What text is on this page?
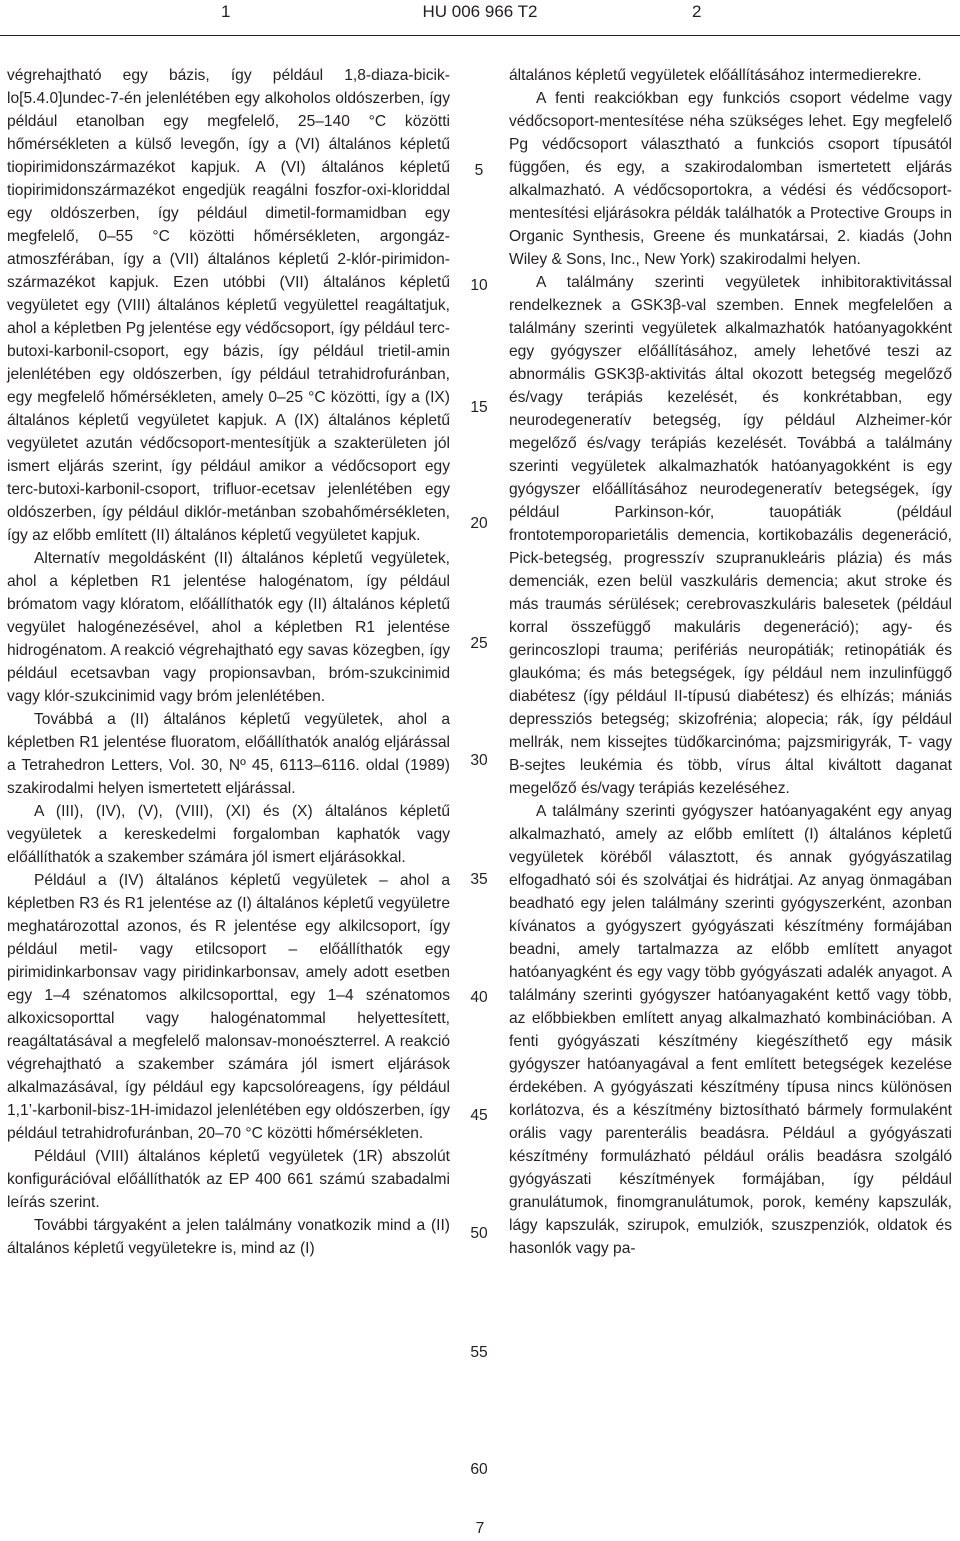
1	HU 006 966 T2	2

végrehajtható egy bázis, így például 1,8-diaza-bicik-lo[5.4.0]undec-7-én jelenlétében egy alkoholos oldószerben, így például etanolban egy megfelelő, 25–140 °C közötti hőmérsékleten a külső levegőn, így a (VI) általános képletű tiopirimidonszármazékot kapjuk. A (VI) általános képletű tiopirimidonszármazékot engedjük reagálni foszfor-oxi-kloriddal egy oldószerben, így például dimetil-formamidban egy megfelelő, 0–55 °C közötti hőmérsékleten, argongáz-atmoszférában, így a (VII) általános képletű 2-klór-pirimidon-származékot kapjuk. Ezen utóbbi (VII) általános képletű vegyületet egy (VIII) általános képletű vegyülettel reagáltatjuk, ahol a képletben Pg jelentése egy védőcsoport, így például terc-butoxi-karbonil-csoport, egy bázis, így például trietil-amin jelenlétében egy oldószerben, így például tetrahidrofuránban, egy megfelelő hőmérsékleten, amely 0–25 °C közötti, így a (IX) általános képletű vegyületet kapjuk. A (IX) általános képletű vegyületet azután védőcsoport-mentesítjük a szakterületen jól ismert eljárás szerint, így például amikor a védőcsoport egy terc-butoxi-karbonil-csoport, trifluor-ecetsav jelenlétében egy oldószerben, így például diklór-metánban szobahőmérsékleten, így az előbb említett (II) általános képletű vegyületet kapjuk.

Alternatív megoldásként (II) általános képletű vegyületek, ahol a képletben R1 jelentése halogénatom, így például brómatom vagy klóratom, előállíthatók egy (II) általános képletű vegyület halogénezésével, ahol a képletben R1 jelentése hidrogénatom. A reakció végrehajtható egy savas közegben, így például ecetsavban vagy propionsavban, bróm-szukcinimid vagy klór-szukcinimid vagy bróm jelenlétében.

Továbbá a (II) általános képletű vegyületek, ahol a képletben R1 jelentése fluoratom, előállíthatók analóg eljárással a Tetrahedron Letters, Vol. 30, Nº 45, 6113–6116. oldal (1989) szakirodalmi helyen ismertetett eljárással.

A (III), (IV), (V), (VIII), (XI) és (X) általános képletű vegyületek a kereskedelmi forgalomban kaphatók vagy előállíthatók a szakember számára jól ismert eljárásokkal.

Például a (IV) általános képletű vegyületek – ahol a képletben R3 és R1 jelentése az (I) általános képletű vegyületre meghatározottal azonos, és R jelentése egy alkilcsoport, így például metil- vagy etilcsoport – előállíthatók egy pirimidinkarbonsav vagy piridinkarbonsav, amely adott esetben egy 1–4 szénatomos alkilcsoporttal, egy 1–4 szénatomos alkoxicsoporttal vagy halogénatommal helyettesített, reagáltatásával a megfelelő malonsav-monoészterrel. A reakció végrehajtható a szakember számára jól ismert eljárások alkalmazásával, így például egy kapcsolóreagens, így például 1,1’-karbonil-bisz-1H-imidazol jelenlétében egy oldószerben, így például tetrahidrofuránban, 20–70 °C közötti hőmérsékleten.

Például (VIII) általános képletű vegyületek (1R) abszolút konfigurációval előállíthatók az EP 400 661 számú szabadalmi leírás szerint.

További tárgyaként a jelen találmány vonatkozik mind a (II) általános képletű vegyületekre is, mind az (I)

általános képletű vegyületek előállításához intermedierekre.

A fenti reakciókban egy funkciós csoport védelme vagy védőcsoport-mentesítése néha szükséges lehet. Egy megfelelő Pg védőcsoport választható a funkciós csoport típusától függően, és egy, a szakirodalomban ismertetett eljárás alkalmazható. A védőcsoportokra, a védési és védőcsoport-mentesítési eljárásokra példák találhatók a Protective Groups in Organic Synthesis, Greene és munkatársai, 2. kiadás (John Wiley & Sons, Inc., New York) szakirodalmi helyen.

A találmány szerinti vegyületek inhibitoraktivitással rendelkeznek a GSK3β-val szemben. Ennek megfelelően a találmány szerinti vegyületek alkalmazhatók hatóanyagokként egy gyógyszer előállításához, amely lehetővé teszi az abnormális GSK3β-aktivitás által okozott betegség megelőző és/vagy terápiás kezelését, és konkrétabban, egy neurodegeneratív betegség, így például Alzheimer-kór megelőző és/vagy terápiás kezelését. Továbbá a találmány szerinti vegyületek alkalmazhatók hatóanyagokként is egy gyógyszer előállításához neurodegeneratív betegségek, így például Parkinson-kór, tauopátiák (például frontotemporoparietális demencia, kortikobazális degeneráció, Pick-betegség, progresszív szupranukleáris plázia) és más demenciák, ezen belül vaszkuláris demencia; akut stroke és más traumás sérülések; cerebrovaszkuláris balesetek (például korral összefüggő makuláris degeneráció); agy- és gerincoszlopi trauma; perifériás neuropátiák; retinopátiák és glaukóma; és más betegségek, így például nem inzulinfüggő diabétesz (így például II-típusú diabétesz) és elhízás; mániás depressziós betegség; skizofrénia; alopecia; rák, így például mellrák, nem kissejtes tüdőkarcinóma; pajzsmirigyrák, T- vagy B-sejtes leukémia és több, vírus által kiváltott daganat megelőző és/vagy terápiás kezeléséhez.

A találmány szerinti gyógyszer hatóanyagaként egy anyag alkalmazható, amely az előbb említett (I) általános képletű vegyületek köréből választott, és annak gyógyászatilag elfogadható sói és szolvátjai és hidrátjai. Az anyag önmagában beadható egy jelen találmány szerinti gyógyszerként, azonban kívánatos a gyógyszert gyógyászati készítmény formájában beadni, amely tartalmazza az előbb említett anyagot hatóanyagként és egy vagy több gyógyászati adalék anyagot. A találmány szerinti gyógyszer hatóanyagaként kettő vagy több, az előbbiekben említett anyag alkalmazható kombinációban. A fenti gyógyászati készítmény kiegészíthető egy másik gyógyszer hatóanyagával a fent említett betegségek kezelése érdekében. A gyógyászati készítmény típusa nincs különösen korlátozva, és a készítmény biztosítható bármely formulaként orális vagy parenterális beadásra. Például a gyógyászati készítmény formulázható például orális beadásra szolgáló gyógyászati készítmények formájában, így például granulátumok, finomgranulátumok, porok, kemény kapszulák, lágy kapszulák, szirupok, emulziók, szuszpenziók, oldatok és hasonlók vagy pa-

5
10
15
20
25
30
35
40
45
50
55
60
7
